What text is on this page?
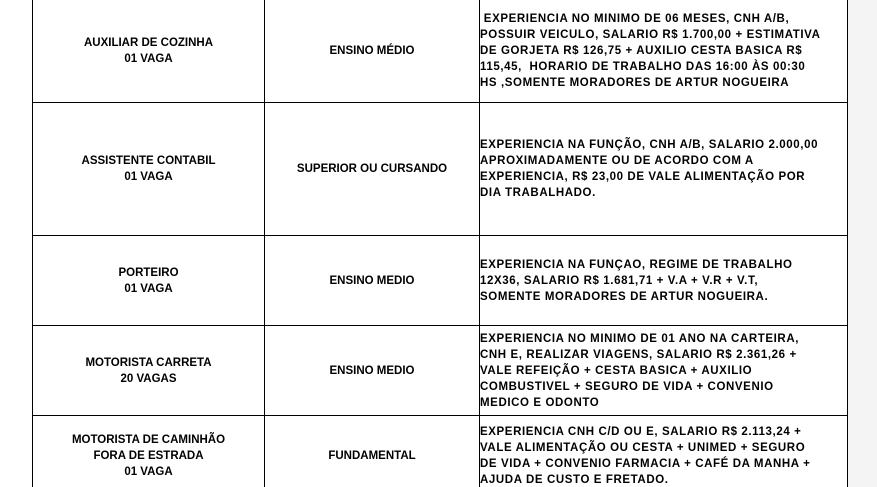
AUXILIAR DE COZINHA
01 VAGA	ENSINO MÉDIO	EXPERIENCIA NO MINIMO DE 06 MESES, CNH A/B,
POSSUIR VEICULO, SALARIO R$ 1.700,00 + ESTIMATIVA
DE GORJETA R$ 126,75 + AUXILIO CESTA BASICA R$
115,45,  HORARIO DE TRABALHO DAS 16:00 ÀS 00:30
HS ,SOMENTE MORADORES DE ARTUR NOGUEIRA

ASSISTENTE CONTABIL
01 VAGA	SUPERIOR OU CURSANDO	EXPERIENCIA NA FUNÇÃO, CNH A/B, SALARIO 2.000,00
APROXIMADAMENTE OU DE ACORDO COM A
EXPERIENCIA, R$ 23,00 DE VALE ALIMENTAÇÃO POR
DIA TRABALHADO.

PORTEIRO
01 VAGA	ENSINO MEDIO	EXPERIENCIA NA FUNÇAO, REGIME DE TRABALHO
12X36, SALARIO R$ 1.681,71 + V.A + V.R + V.T,
SOMENTE MORADORES DE ARTUR NOGUEIRA.

MOTORISTA CARRETA
20 VAGAS	ENSINO MEDIO	EXPERIENCIA NO MINIMO DE 01 ANO NA CARTEIRA,
CNH E, REALIZAR VIAGENS, SALARIO R$ 2.361,26 +
VALE REFEIÇÃO + CESTA BASICA + AUXILIO
COMBUSTIVEL + SEGURO DE VIDA + CONVENIO
MEDICO E ODONTO

MOTORISTA DE CAMINHÃO
FORA DE ESTRADA
01 VAGA	FUNDAMENTAL	EXPERIENCIA CNH C/D OU E, SALARIO R$ 2.113,24 +
VALE ALIMENTAÇÃO OU CESTA + UNIMED + SEGURO
DE VIDA + CONVENIO FARMACIA + CAFÉ DA MANHA +
AJUDA DE CUSTO E FRETADO.
